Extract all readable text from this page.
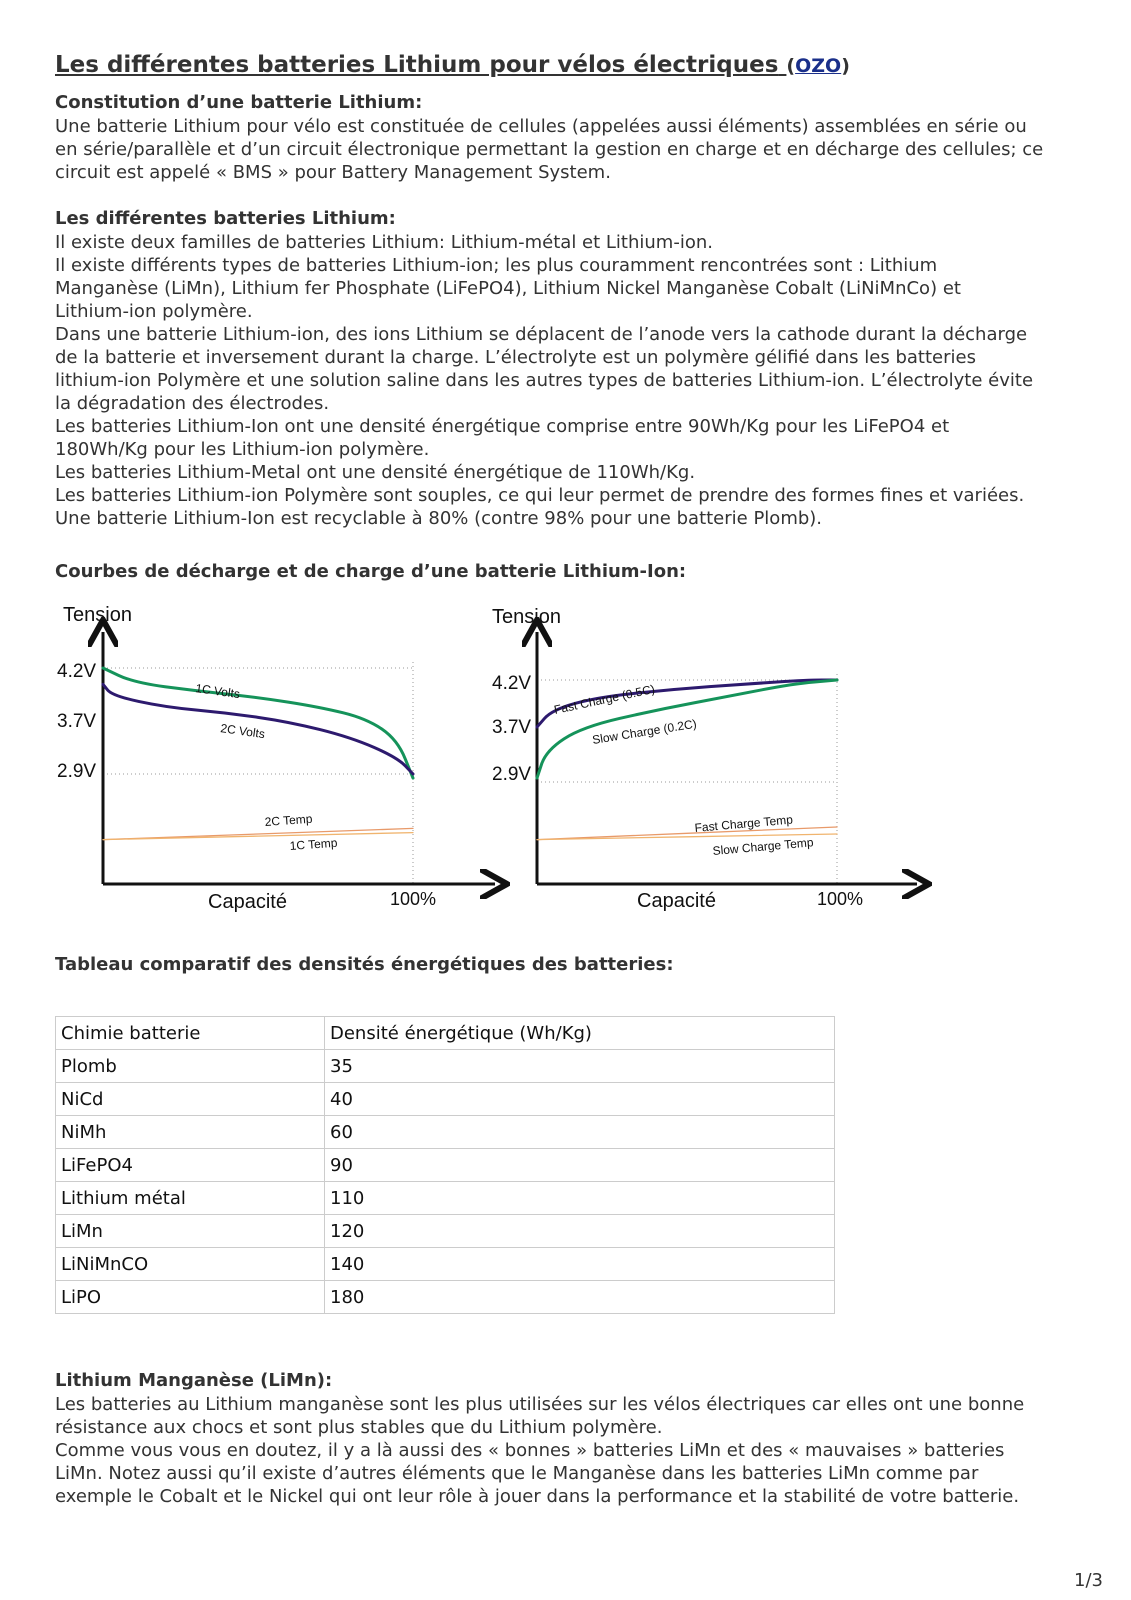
Les différentes batteries Lithium pour vélos électriques (OZO)
Constitution d’une batterie Lithium:

Une batterie Lithium pour vélo est constituée de cellules (appelées aussi éléments) assemblées en série ou

en série/parallèle et d’un circuit électronique permettant la gestion en charge et en décharge des cellules; ce

circuit est appelé « BMS » pour Battery Management System.

Les différentes batteries Lithium:

Il existe deux familles de batteries Lithium: Lithium-métal et Lithium-ion.

Il existe différents types de batteries Lithium-ion; les plus couramment rencontrées sont : Lithium

Manganèse (LiMn), Lithium fer Phosphate (LiFePO4), Lithium Nickel Manganèse Cobalt (LiNiMnCo) et

Lithium-ion polymère.

Dans une batterie Lithium-ion, des ions Lithium se déplacent de l’anode vers la cathode durant la décharge

de la batterie et inversement durant la charge. L’électrolyte est un polymère gélifié dans les batteries

lithium-ion Polymère et une solution saline dans les autres types de batteries Lithium-ion. L’électrolyte évite

la dégradation des électrodes.

Les batteries Lithium-Ion ont une densité énergétique comprise entre 90Wh/Kg pour les LiFePO4 et

180Wh/Kg pour les Lithium-ion polymère.

Les batteries Lithium-Metal ont une densité énergétique de 110Wh/Kg.

Les batteries Lithium-ion Polymère sont souples, ce qui leur permet de prendre des formes fines et variées.

Une batterie Lithium-Ion est recyclable à 80% (contre 98% pour une batterie Plomb).

Courbes de décharge et de charge d’une batterie Lithium-Ion:
Tension
Capacité	100%
4.2V
3.7V
2.9V
1C Volts
2C Volts
2C Temp
1C Temp
Tension
Capacité	100%
4.2V
3.7V
2.9V
Fast Charge (0.5C)
Slow Charge (0.2C)
Fast Charge Temp
Slow Charge Temp
Tableau comparatif des densités énergétiques des batteries:
Chimie batterie	Densité énergétique (Wh/Kg)
Plomb	35
NiCd	40
NiMh	60
LiFePO4	90
Lithium métal	110
LiMn	120
LiNiMnCO	140
LiPO	180
Lithium Manganèse (LiMn):

Les batteries au Lithium manganèse sont les plus utilisées sur les vélos électriques car elles ont une bonne

résistance aux chocs et sont plus stables que du Lithium polymère.

Comme vous vous en doutez, il y a là aussi des « bonnes » batteries LiMn et des « mauvaises » batteries

LiMn. Notez aussi qu’il existe d’autres éléments que le Manganèse dans les batteries LiMn comme par

exemple le Cobalt et le Nickel qui ont leur rôle à jouer dans la performance et la stabilité de votre batterie.

1/3
